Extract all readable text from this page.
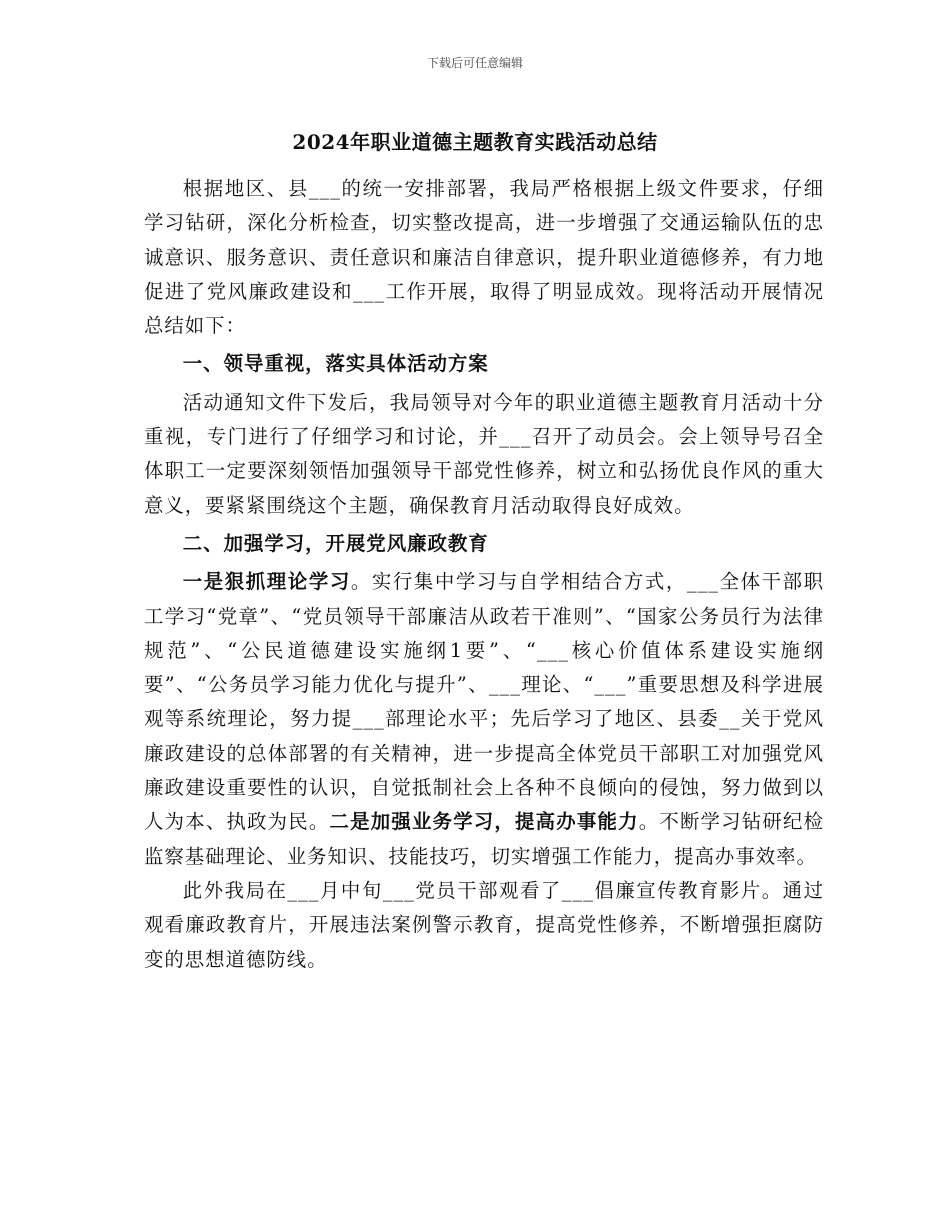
下载后可任意编辑
2024年职业道德主题教育实践活动总结

根据地区、县___的统一安排部署，我局严格根据上级文件要求，仔细学习钻研，深化分析检查，切实整改提高，进一步增强了交通运输队伍的忠诚意识、服务意识、责任意识和廉洁自律意识，提升职业道德修养，有力地促进了党风廉政建设和___工作开展，取得了明显成效。现将活动开展情况总结如下：

一、领导重视，落实具体活动方案

活动通知文件下发后，我局领导对今年的职业道德主题教育月活动十分重视，专门进行了仔细学习和讨论，并___召开了动员会。会上领导号召全体职工一定要深刻领悟加强领导干部党性修养，树立和弘扬优良作风的重大意义，要紧紧围绕这个主题，确保教育月活动取得良好成效。

二、加强学习，开展党风廉政教育

一是狠抓理论学习。实行集中学习与自学相结合方式，___全体干部职工学习“党章”、“党员领导干部廉洁从政若干准则”、“国家公务员行为法律规范”、“公民道德建设实施纲1要”、“___核心价值体系建设实施纲要”、“公务员学习能力优化与提升”、___理论、“___”重要思想及科学进展观等系统理论，努力提___部理论水平；先后学习了地区、县委__关于党风廉政建设的总体部署的有关精神，进一步提高全体党员干部职工对加强党风廉政建设重要性的认识，自觉抵制社会上各种不良倾向的侵蚀，努力做到以人为本、执政为民。二是加强业务学习，提高办事能力。不断学习钻研纪检监察基础理论、业务知识、技能技巧，切实增强工作能力，提高办事效率。

此外我局在___月中旬___党员干部观看了___倡廉宣传教育影片。通过观看廉政教育片，开展违法案例警示教育，提高党性修养，不断增强拒腐防变的思想道德防线。
